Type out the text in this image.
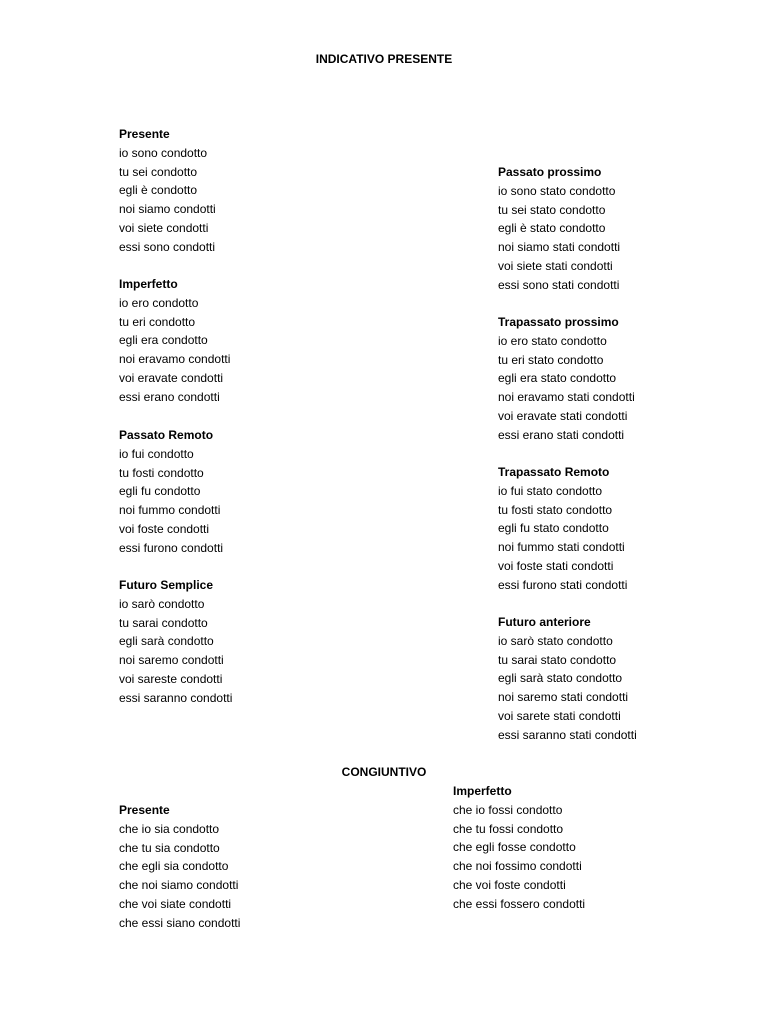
INDICATIVO PRESENTE
Presente
io sono condotto
tu sei condotto
egli è condotto
noi siamo condotti
voi siete condotti
essi sono condotti
Imperfetto
io ero condotto
tu eri condotto
egli era condotto
noi eravamo condotti
voi eravate condotti
essi erano condotti
Passato Remoto
io fui condotto
tu fosti condotto
egli fu condotto
noi fummo condotti
voi foste condotti
essi furono condotti
Futuro Semplice
io sarò condotto
tu sarai condotto
egli sarà condotto
noi saremo condotti
voi sareste condotti
essi saranno condotti
Passato prossimo
io sono stato condotto
tu sei stato condotto
egli è stato condotto
noi siamo stati condotti
voi siete stati condotti
essi sono stati condotti
Trapassato prossimo
io ero stato condotto
tu eri stato condotto
egli era stato condotto
noi eravamo stati condotti
voi eravate stati condotti
essi erano stati condotti
Trapassato Remoto
io fui stato condotto
tu fosti stato condotto
egli fu stato condotto
noi fummo stati condotti
voi foste stati condotti
essi furono stati condotti
Futuro anteriore
io sarò stato condotto
tu sarai stato condotto
egli sarà stato condotto
noi saremo stati condotti
voi sarete stati condotti
essi saranno stati condotti
CONGIUNTIVO
Presente
che io sia condotto
che tu sia condotto
che egli sia condotto
che noi siamo condotti
che voi siate condotti
che essi siano condotti
Imperfetto
che io fossi condotto
che tu fossi condotto
che egli fosse condotto
che noi fossimo condotti
che voi foste condotti
che essi fossero condotti
